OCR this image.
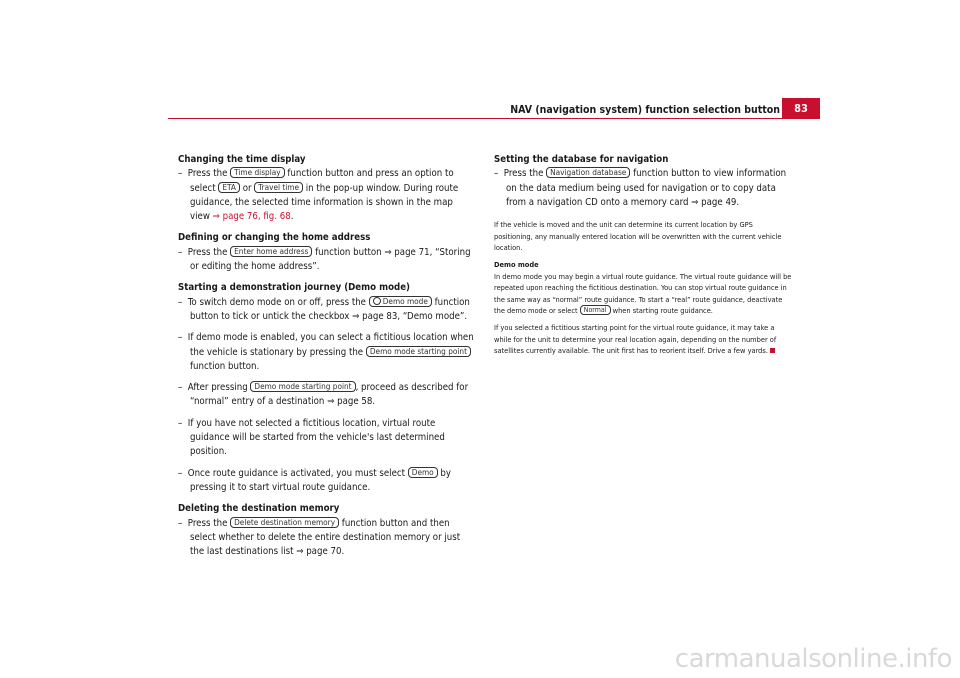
NAV (navigation system) function selection button	83

Changing the time display

–  Press the Time display function button and press an option to select ETA or Travel time in the pop-up window. During route guidance, the selected time information is shown in the map view ⇒ page 76, fig. 68.

Defining or changing the home address

–  Press the Enter home address function button ⇒ page 71, “Storing or editing the home address”.

Starting a demonstration journey (Demo mode)

–  To switch demo mode on or off, press the Demo mode function button to tick or untick the checkbox ⇒ page 83, “Demo mode”.

–  If demo mode is enabled, you can select a fictitious location when the vehicle is stationary by pressing the Demo mode starting point function button.

–  After pressing Demo mode starting point , proceed as described for “normal” entry of a destination ⇒ page 58.

–  If you have not selected a fictitious location, virtual route guidance will be started from the vehicle's last determined position.

–  Once route guidance is activated, you must select Demo by pressing it to start virtual route guidance.

Deleting the destination memory

–  Press the Delete destination memory function button and then select whether to delete the entire destination memory or just the last destinations list ⇒ page 70.

Setting the database for navigation

–  Press the Navigation database function button to view information on the data medium being used for navigation or to copy data from a navigation CD onto a memory card ⇒ page 49.

If the vehicle is moved and the unit can determine its current location by GPS positioning, any manually entered location will be overwritten with the current vehicle location.

Demo mode

In demo mode you may begin a virtual route guidance. The virtual route guidance will be repeated upon reaching the fictitious destination. You can stop virtual route guidance in the same way as “normal” route guidance. To start a “real” route guidance, deactivate the demo mode or select Normal when starting route guidance.

If you selected a fictitious starting point for the virtual route guidance, it may take a while for the unit to determine your real location again, depending on the number of satellites currently available. The unit first has to reorient itself. Drive a few yards.

carmanualsonline.info
